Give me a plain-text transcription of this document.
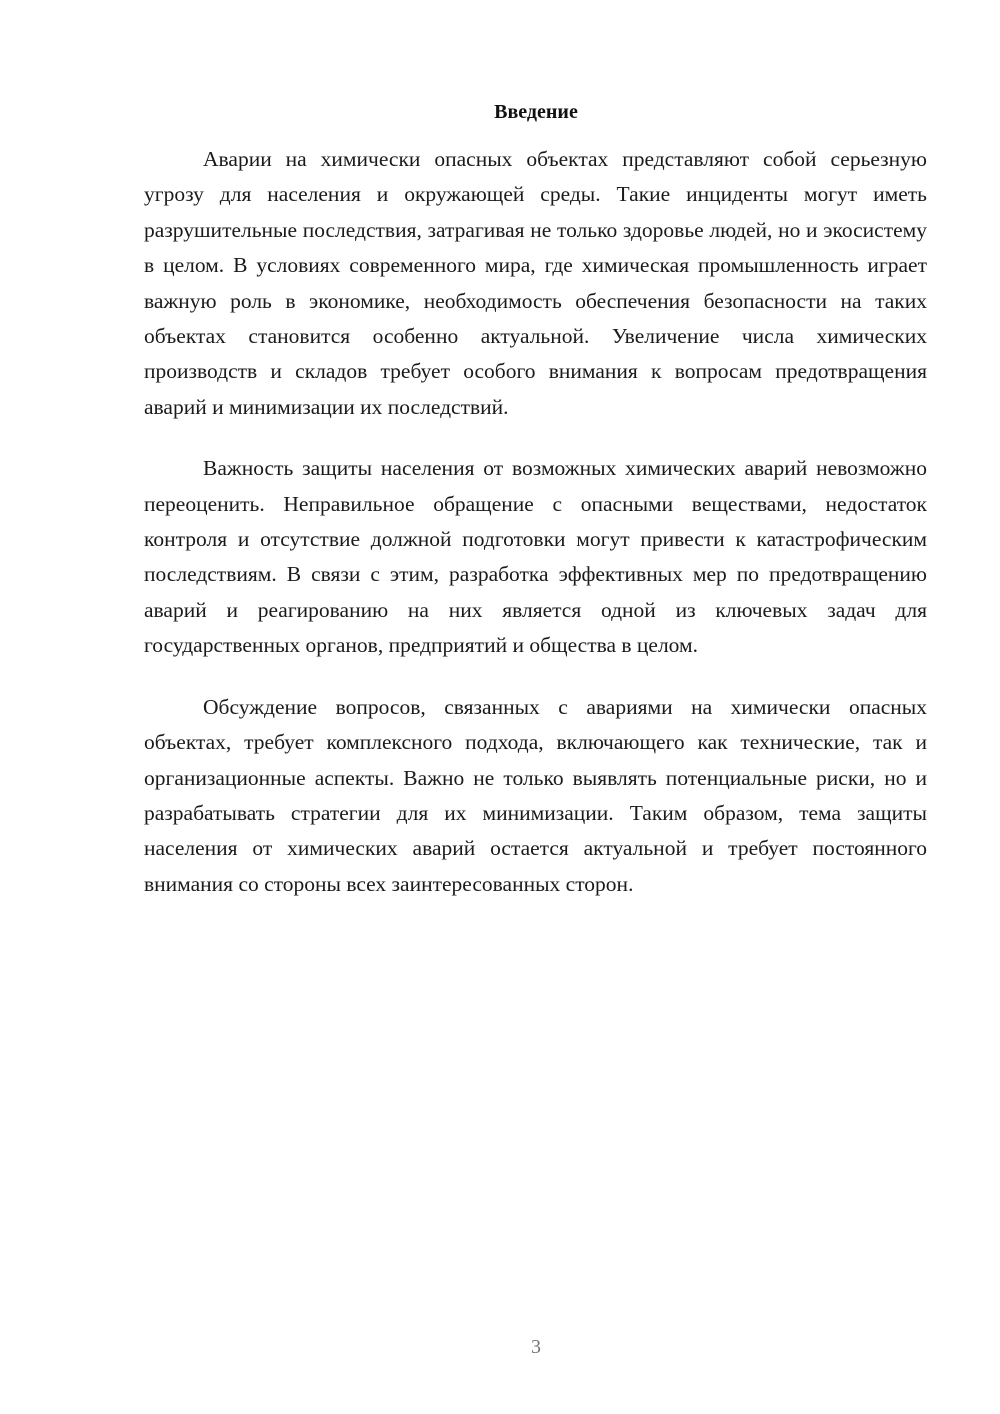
Введение

Аварии на химически опасных объектах представляют собой серьезную угрозу для населения и окружающей среды. Такие инциденты могут иметь разрушительные последствия, затрагивая не только здоровье людей, но и экосистему в целом. В условиях современного мира, где химическая промышленность играет важную роль в экономике, необходимость обеспечения безопасности на таких объектах становится особенно актуальной. Увеличение числа химических производств и складов требует особого внимания к вопросам предотвращения аварий и минимизации их последствий.

Важность защиты населения от возможных химических аварий невозможно переоценить. Неправильное обращение с опасными веществами, недостаток контроля и отсутствие должной подготовки могут привести к катастрофическим последствиям. В связи с этим, разработка эффективных мер по предотвращению аварий и реагированию на них является одной из ключевых задач для государственных органов, предприятий и общества в целом.

Обсуждение вопросов, связанных с авариями на химически опасных объектах, требует комплексного подхода, включающего как технические, так и организационные аспекты. Важно не только выявлять потенциальные риски, но и разрабатывать стратегии для их минимизации. Таким образом, тема защиты населения от химических аварий остается актуальной и требует постоянного внимания со стороны всех заинтересованных сторон.

3
